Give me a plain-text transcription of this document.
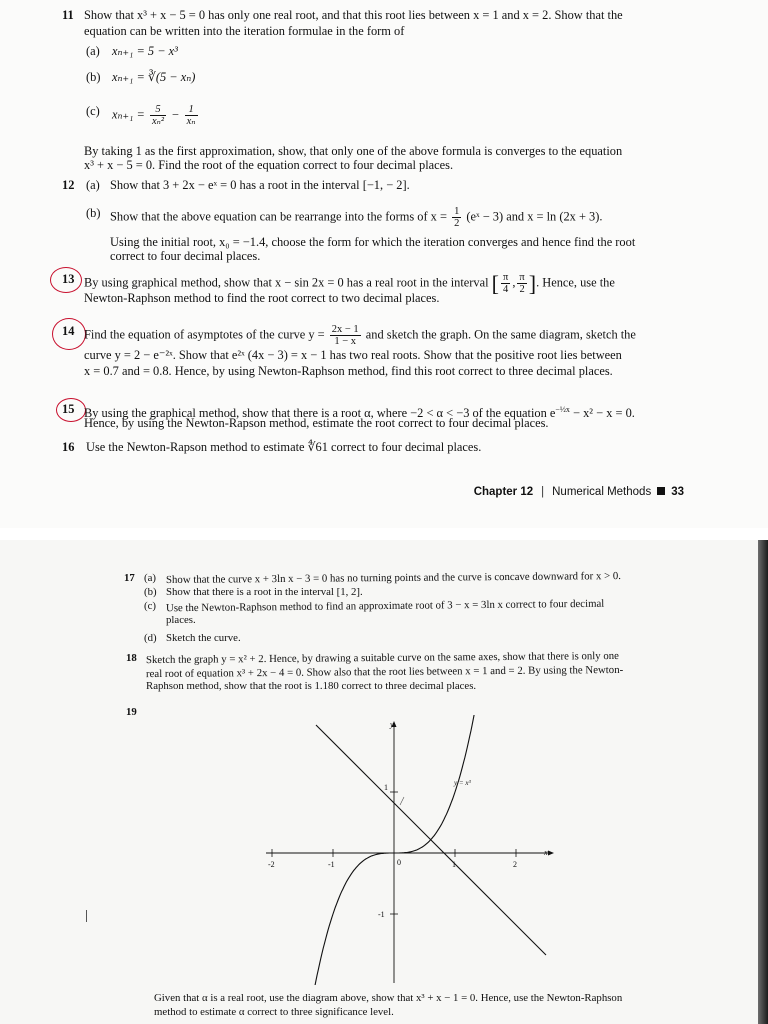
11 Show that x³ + x − 5 = 0 has only one real root, and that this root lies between x = 1 and x = 2. Show that the
equation can be written into the iteration formulae in the form of
(a) xₙ₊₁ = 5 − x³
(b) xₙ₊₁ = ∛(5 − xₙ)
(c) $x_{n+1} = \frac{5}{\text{xₙ²}} - \frac{1}{\text{xₙ}}$
By taking 1 as the first approximation, show, that only one of the above formula is converges to the equation
x³ + x − 5 = 0. Find the root of the equation correct to four decimal places.
12 (a) Show that 3 + 2x − eˣ = 0 has a root in the interval [−1, − 2].
(b) Show that the above equation can be rearrange into the forms of $x = \frac{1}{2}$ (eˣ − 3) and x = ln (2x + 3).
Using the initial root, x₀ = −1.4, choose the form for which the iteration converges and hence find the root
correct to four decimal places.
13 By using graphical method, show that x − sin 2x = 0 has a real root in the interval [ $\frac{\pi}{4}$ , $\frac{\pi}{2}$ ]. Hence, use the
Newton-Raphson method to find the root correct to two decimal places.
14 Find the equation of asymptotes of the curve $y = \frac{2x - 1}{1 - x}$ and sketch the graph. On the same diagram, sketch the
curve y = 2 − e⁻²ˣ. Show that e²ˣ (4x − 3) = x − 1 has two real roots. Show that the positive root lies between
x = 0.7 and = 0.8. Hence, by using Newton-Raphson method, find this root correct to three decimal places.
15 By using the graphical method, show that there is a root α, where −2 < α < −3 of the equation $e^{-\frac{1}{2}x} - x^2 - x = 0$.
Hence, by using the Newton-Rapson method, estimate the root correct to four decimal places.
16 Use the Newton-Rapson method to estimate ∜61 correct to four decimal places.
Chapter 12 | Numerical Methods 33
17 (a) Show that the curve x + 3ln x − 3 = 0 has no turning points and the curve is concave downward for x > 0.
(b) Show that there is a root in the interval [1, 2].
(c) Use the Newton-Raphson method to find an approximate root of 3 − x = 3ln x correct to four decimal
places.
(d) Sketch the curve.
18 Sketch the graph y = x² + 2. Hence, by drawing a suitable curve on the same axes, show that there is only one
real root of equation x³ + 2x − 4 = 0. Show also that the root lies between x = 1 and = 2. By using the Newton-
Raphson method, show that the root is 1.180 correct to three decimal places.
19
Given that α is a real root, use the diagram above, show that x³ + x − 1 = 0. Hence, use the Newton-Raphson
method to estimate α correct to three significance level.
-2	-1	1	2
0
1
-1
x
y
y = x³
